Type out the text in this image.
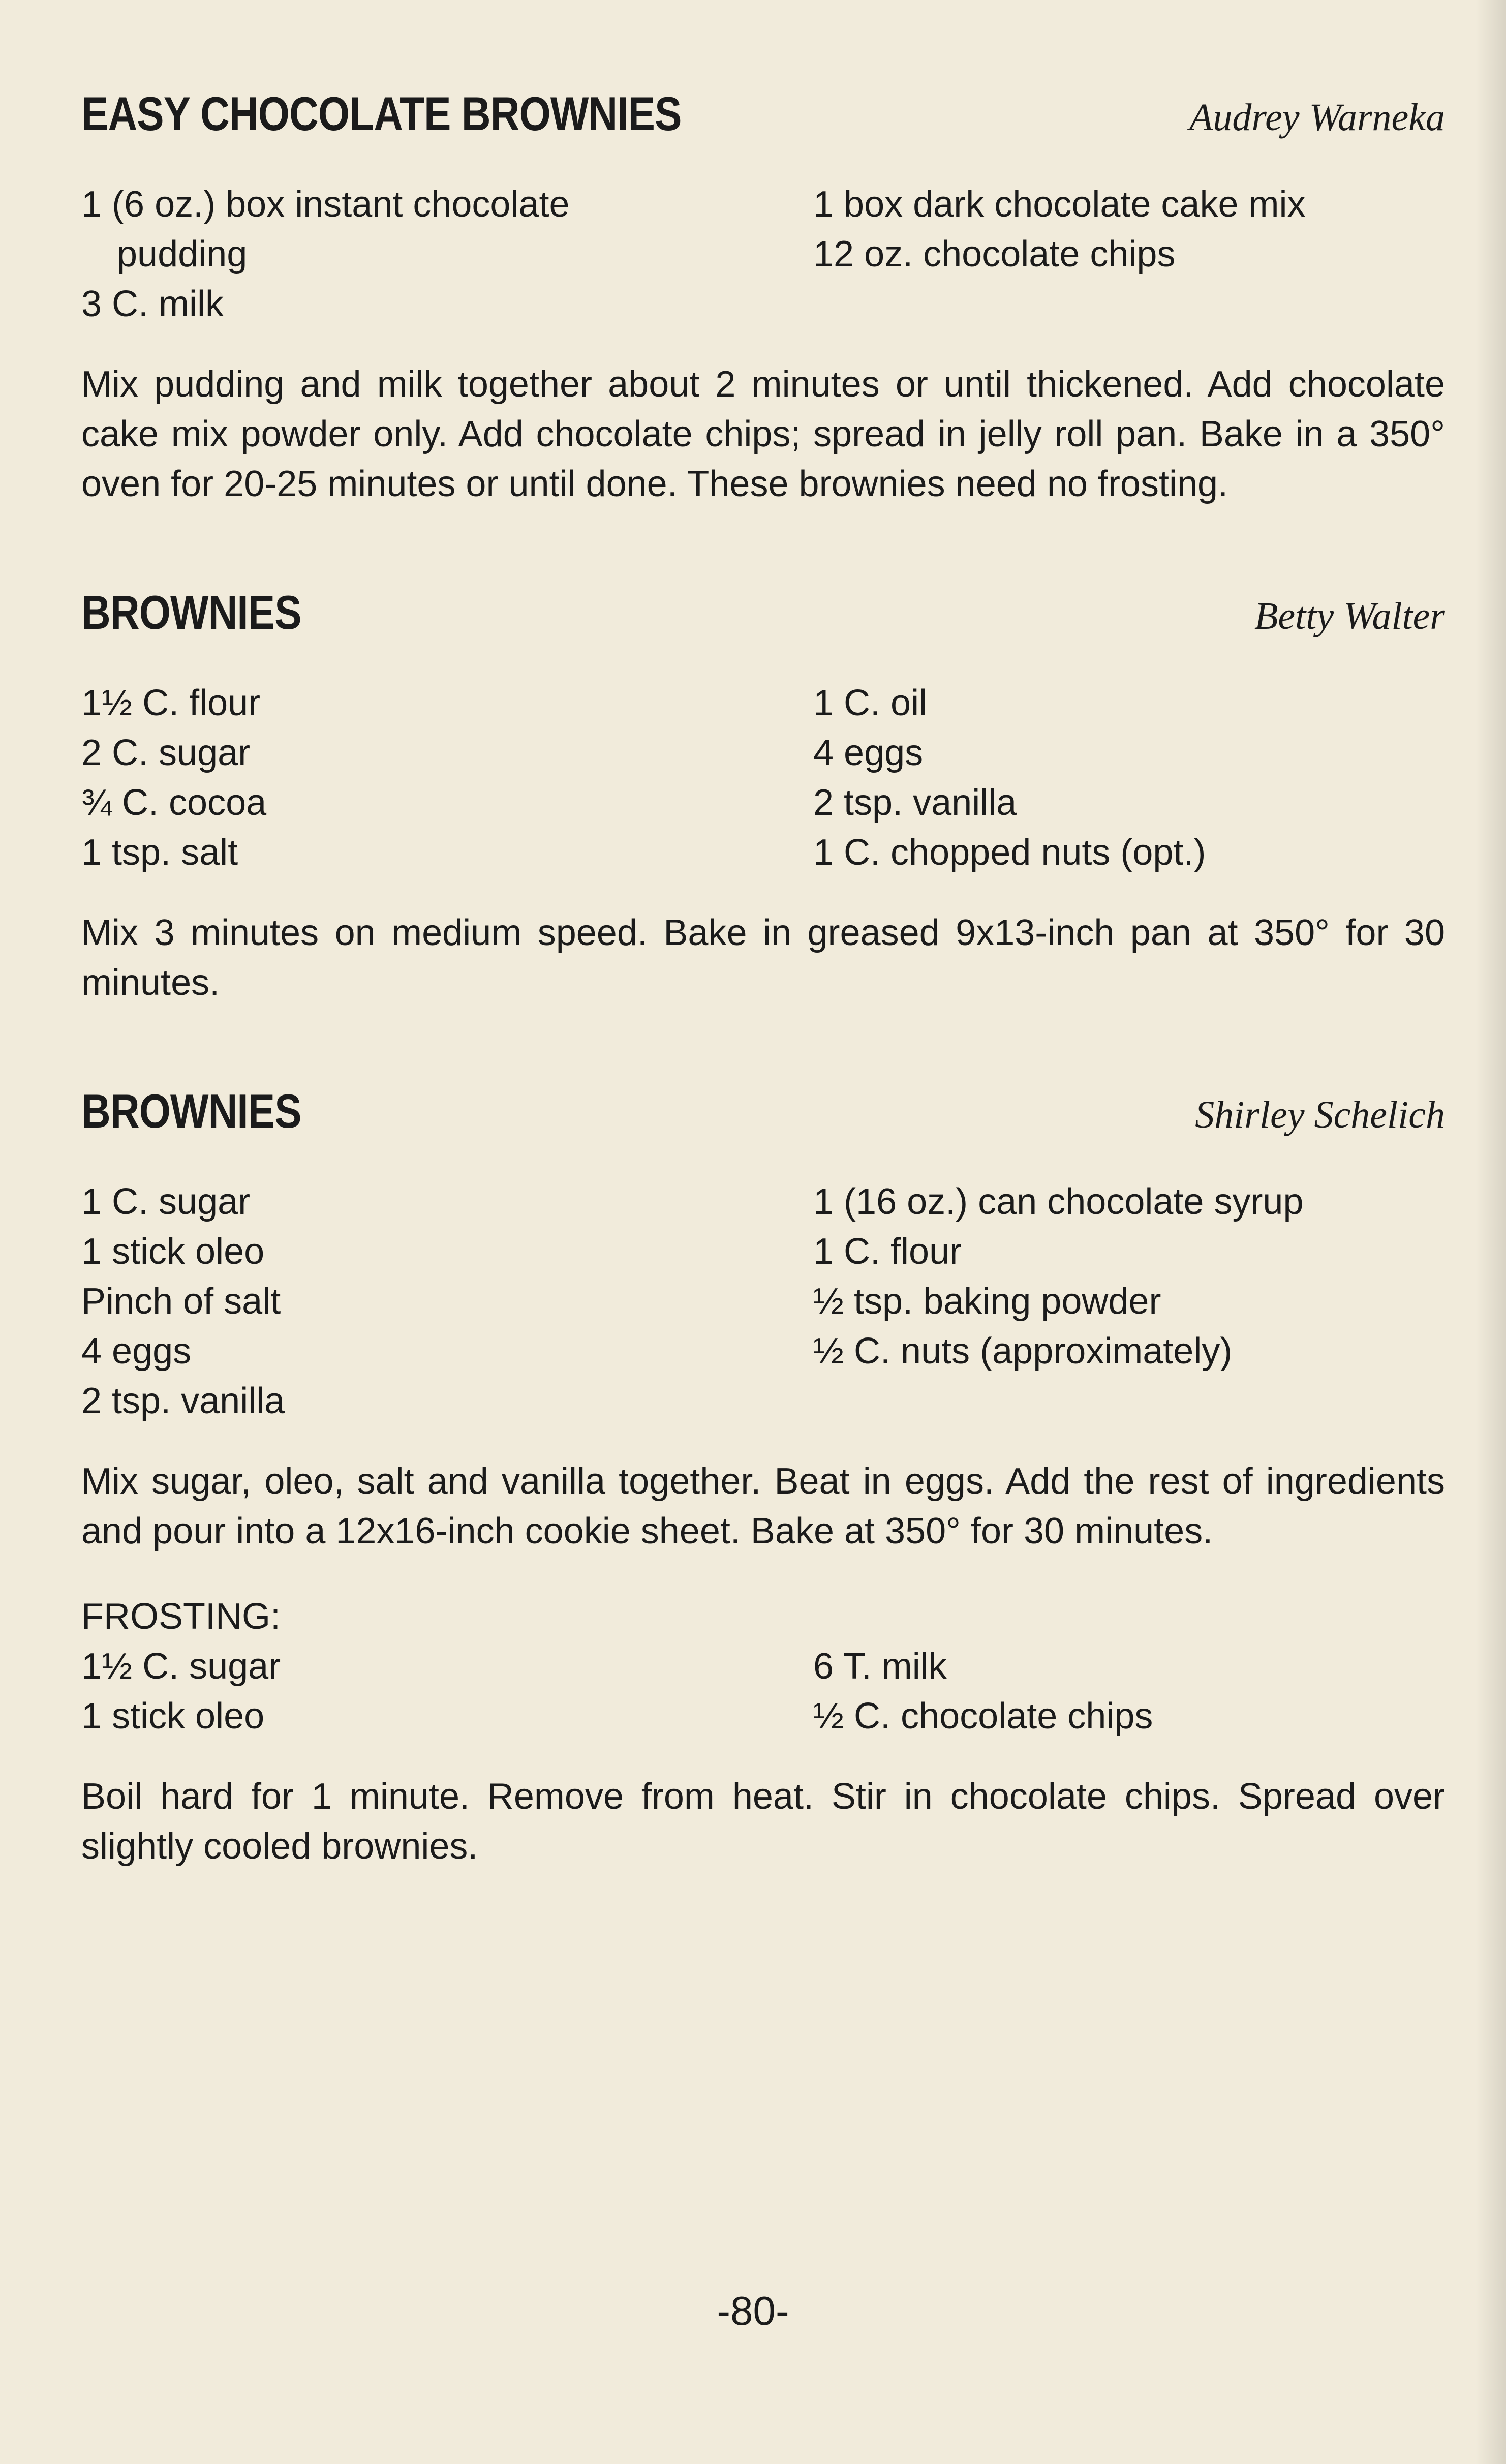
EASY CHOCOLATE BROWNIES	Audrey Warneka
1 (6 oz.) box instant chocolate
pudding
3 C. milk
1 box dark chocolate cake mix
12 oz. chocolate chips

Mix pudding and milk together about 2 minutes or until thickened. Add chocolate cake mix powder only. Add chocolate chips; spread in jelly roll pan. Bake in a 350° oven for 20-25 minutes or until done. These brownies need no frosting.

BROWNIES	Betty Walter
1½ C. flour
2 C. sugar
¾ C. cocoa
1 tsp. salt
1 C. oil
4 eggs
2 tsp. vanilla
1 C. chopped nuts (opt.)

Mix 3 minutes on medium speed. Bake in greased 9x13-inch pan at 350° for 30 minutes.

BROWNIES	Shirley Schelich
1 C. sugar
1 stick oleo
Pinch of salt
4 eggs
2 tsp. vanilla
1 (16 oz.) can chocolate syrup
1 C. flour
½ tsp. baking powder
½ C. nuts (approximately)

Mix sugar, oleo, salt and vanilla together. Beat in eggs. Add the rest of ingredients and pour into a 12x16-inch cookie sheet. Bake at 350° for 30 minutes.

FROSTING:
1½ C. sugar
1 stick oleo
6 T. milk
½ C. chocolate chips

Boil hard for 1 minute. Remove from heat. Stir in chocolate chips. Spread over slightly cooled brownies.

-80-
